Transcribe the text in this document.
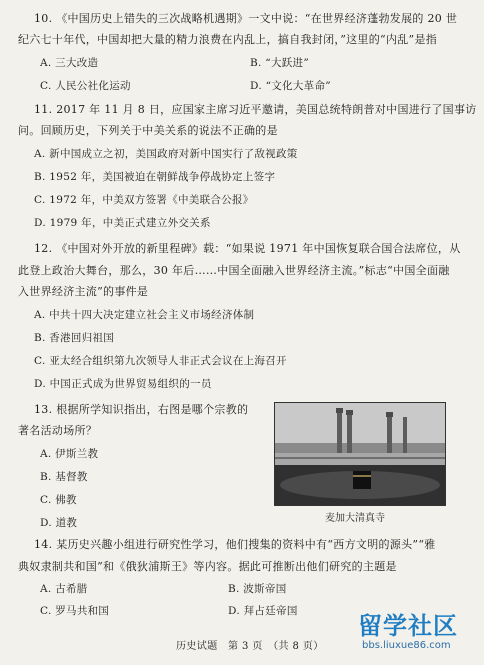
10. 《中国历史上错失的三次战略机遇期》一文中说：“在世界经济蓬勃发展的 20 世
纪六七十年代，中国却把大量的精力浪费在内乱上，搞自我封闭，”这里的“内乱”是指
A. 三大改造	B. “大跃进”
C. 人民公社化运动	D. “文化大革命”
11. 2017 年 11 月 8 日，应国家主席习近平邀请，美国总统特朗普对中国进行了国事访
问。回顾历史，下列关于中美关系的说法不正确的是
A. 新中国成立之初，美国政府对新中国实行了敌视政策
B. 1952 年，美国被迫在朝鲜战争停战协定上签字
C. 1972 年，中美双方签署《中美联合公报》
D. 1979 年，中美正式建立外交关系
12. 《中国对外开放的新里程碑》载：“如果说 1971 年中国恢复联合国合法席位，从
此登上政治大舞台，那么，30 年后……中国全面融入世界经济主流。”标志“中国全面融
入世界经济主流”的事件是
A. 中共十四大决定建立社会主义市场经济体制
B. 香港回归祖国
C. 亚太经合组织第九次领导人非正式会议在上海召开
D. 中国正式成为世界贸易组织的一员
13. 根据所学知识指出，右图是哪个宗教的
著名活动场所？
A. 伊斯兰教
B. 基督教
C. 佛教
D. 道教	麦加大清真寺
14. 某历史兴趣小组进行研究性学习，他们搜集的资料中有“西方文明的源头”“雅
典奴隶制共和国”和《俄狄浦斯王》等内容。据此可推断出他们研究的主题是
A. 古希腊	B. 波斯帝国
C. 罗马共和国	D. 拜占廷帝国
历史试题　第 3 页　（共 8 页）
留学社区
bbs.liuxue86.com
